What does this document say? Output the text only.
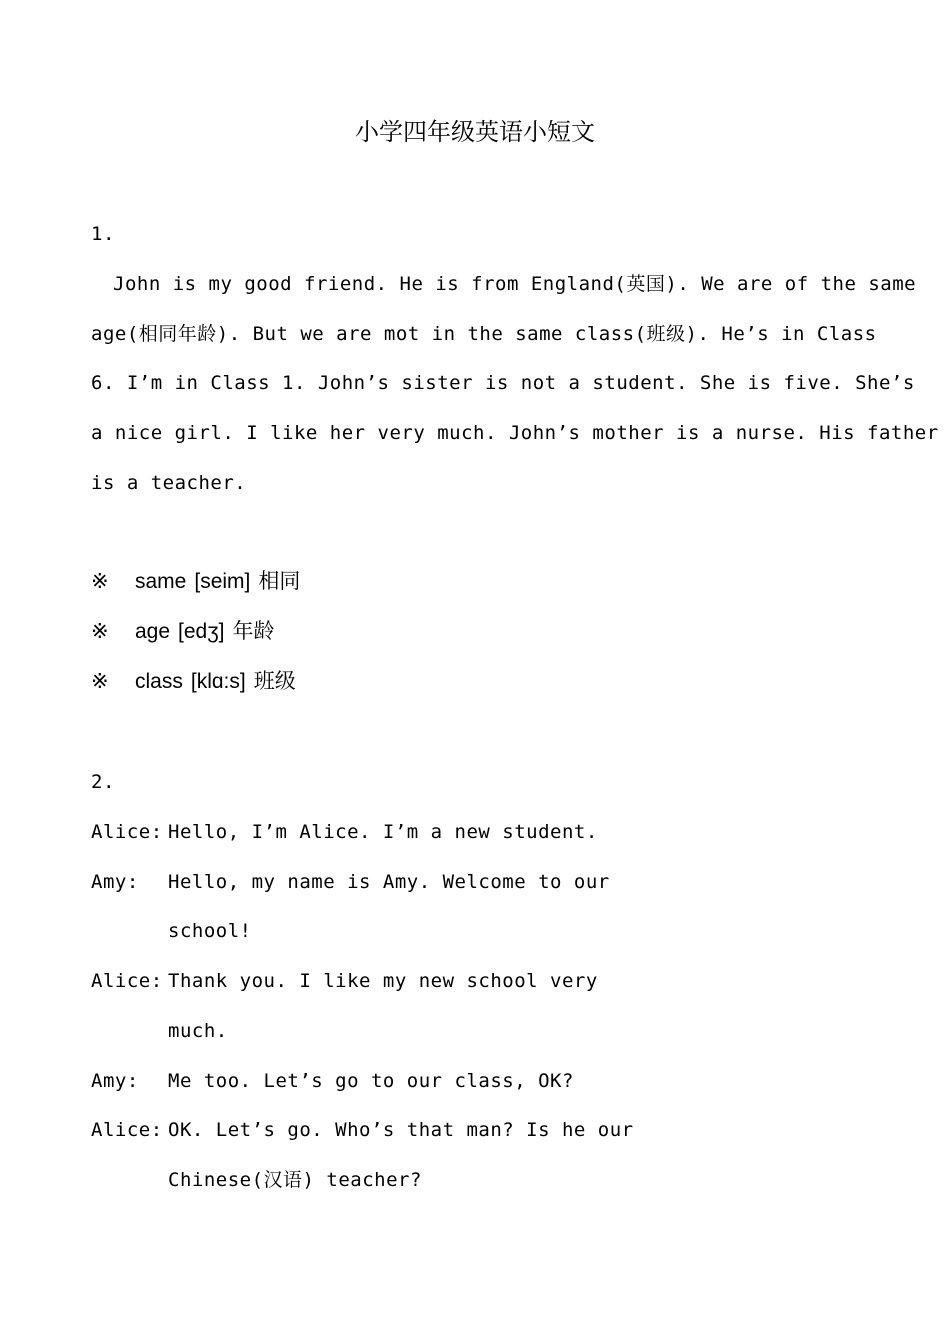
小学四年级英语小短文
1.
John is my good friend. He is from England(英国). We are of the same
age(相同年龄). But we are mot in the same class(班级). He’s in Class
6. I’m in Class 1. John’s sister is not a student. She is five. She’s
a nice girl. I like her very much. John’s mother is a nurse. His father
is a teacher.
※ same [seim] 相同
※ age [edʒ] 年龄
※ class [klɑ:s] 班级
2.
Alice: Hello, I’m Alice. I’m a new student.
Amy: Hello, my name is Amy. Welcome to our
school!
Alice: Thank you. I like my new school very
much.
Amy: Me too. Let’s go to our class, OK?
Alice: OK. Let’s go. Who’s that man? Is he our
Chinese(汉语) teacher?
